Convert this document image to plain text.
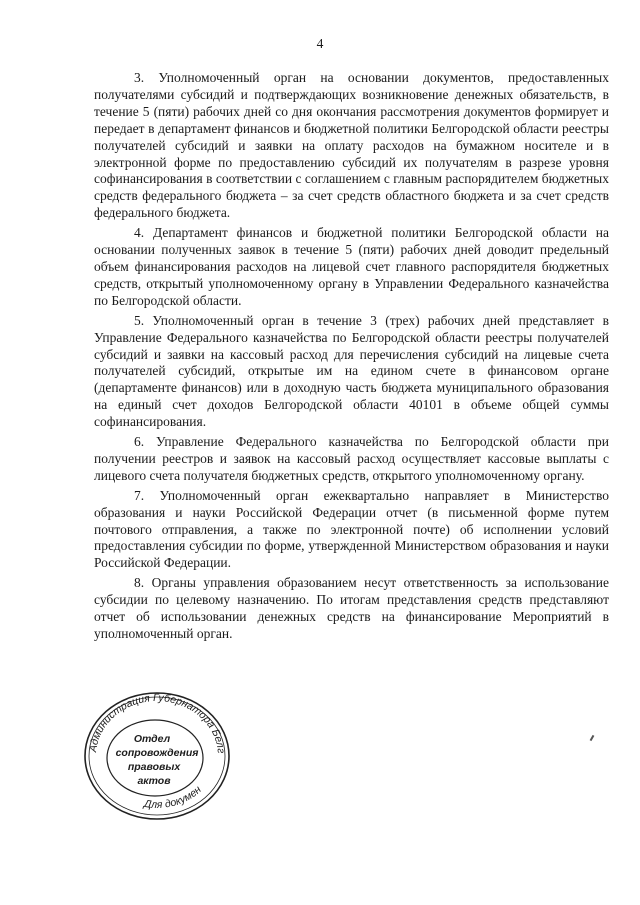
4

3. Уполномоченный орган на основании документов, предоставленных получателями субсидий и подтверждающих возникновение денежных обязательств, в течение 5 (пяти) рабочих дней со дня окончания рассмотрения документов формирует и передает в департамент финансов и бюджетной политики Белгородской области реестры получателей субсидий и заявки на оплату расходов на бумажном носителе и в электронной форме по предоставлению субсидий их получателям в разрезе уровня софинансирования в соответствии с соглашением с главным распорядителем бюджетных средств федерального бюджета – за счет средств областного бюджета и за счет средств федерального бюджета.

4. Департамент финансов и бюджетной политики Белгородской области на основании полученных заявок в течение 5 (пяти) рабочих дней доводит предельный объем финансирования расходов на лицевой счет главного распорядителя бюджетных средств, открытый уполномоченному органу в Управлении Федерального казначейства по Белгородской области.

5. Уполномоченный орган в течение 3 (трех) рабочих дней представляет в Управление Федерального казначейства по Белгородской области реестры получателей субсидий и заявки на кассовый расход для перечисления субсидий на лицевые счета получателей субсидий, открытые им на едином счете в финансовом органе (департаменте финансов) или в доходную часть бюджета муниципального образования на единый счет доходов Белгородской области 40101 в объеме общей суммы софинансирования.

6. Управление Федерального казначейства по Белгородской области при получении реестров и заявок на кассовый расход осуществляет кассовые выплаты с лицевого счета получателя бюджетных средств, открытого уполномоченному органу.

7. Уполномоченный орган ежеквартально направляет в Министерство образования и науки Российской Федерации отчет (в письменной форме путем почтового отправления, а также по электронной почте) об исполнении условий предоставления субсидии по форме, утвержденной Министерством образования и науки Российской Федерации.

8. Органы управления образованием несут ответственность за использование субсидии по целевому назначению. По итогам представления средств представляют отчет об использовании денежных средств на финансирование Мероприятий в уполномоченный орган.

Администрация Губернатора Белг
Для докумен
Отдел
сопровождения
правовых
актов
